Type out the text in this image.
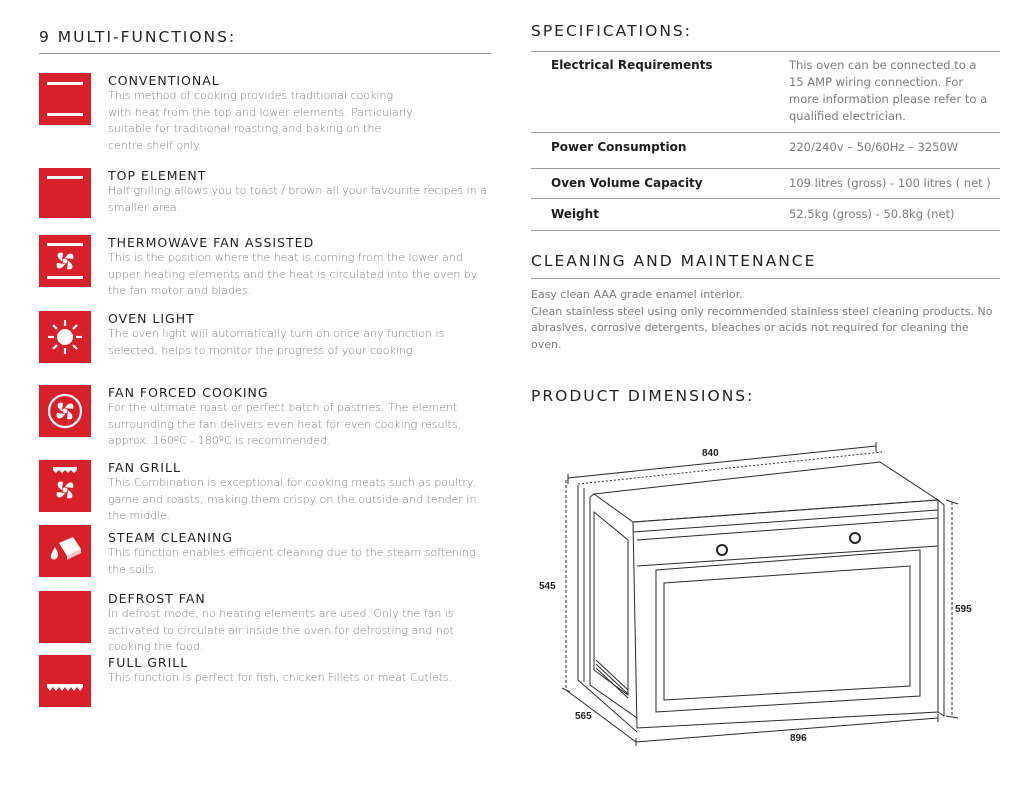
9 MULTI-FUNCTIONS:

CONVENTIONAL

This method of cooking provides traditional cooking with heat from the top and lower elements. Particularly suitable for traditional roasting and baking on the centre shelf only.

TOP ELEMENT

Half grilling allows you to toast / brown all your favourite recipes in a smaller area.

THERMOWAVE FAN ASSISTED

This is the position where the heat is coming from the lower and upper heating elements and the heat is circulated into the oven by the fan motor and blades.

OVEN LIGHT

The oven light will automatically turn on once any function is selected, helps to monitor the progress of your cooking.

FAN FORCED COOKING

For the ultimate roast or perfect batch of pastries. The element surrounding the fan delivers even heat for even cooking results, approx. 160ºC - 180ºC is recommended.

FAN GRILL

This Combination is exceptional for cooking meats such as poultry, game and roasts, making them crispy on the outside and tender in the middle.

STEAM CLEANING

This function enables efficient cleaning due to the steam softening the soils.

DEFROST FAN

In defrost mode, no heating elements are used. Only the fan is activated to circulate air inside the oven for defrosting and not cooking the food.

FULL GRILL

This function is perfect for fish, chicken Fillets or meat Cutlets.

SPECIFICATIONS:
Electrical Requirements	This oven can be connected to a 15 AMP wiring connection. For more information please refer to a qualified electrician.
Power Consumption	220/240v – 50/60Hz – 3250W
Oven Volume Capacity	109 litres (gross) - 100 litres ( net )
Weight	52.5kg (gross) - 50.8kg (net)
CLEANING AND MAINTENANCE

Easy clean AAA grade enamel interior.

Clean stainless steel using only recommended stainless steel cleaning products. No abrasives, corrosive detergents, bleaches or acids not required for cleaning the oven.

PRODUCT DIMENSIONS:
840
545
595
565
896
